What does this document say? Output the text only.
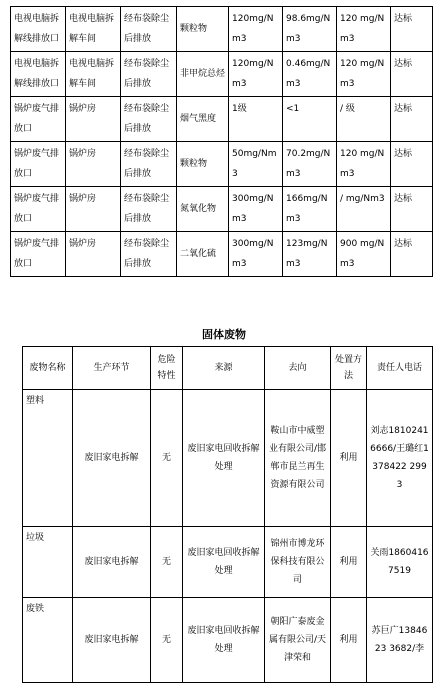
电视电脑拆解线排放口	电视电脑拆解车间	经布袋除尘后排放	颗粒物	120mg/Nm3	98.6mg/Nm3	120 mg/Nm3	达标
电视电脑拆解线排放口	电视电脑拆解车间	经布袋除尘后排放	非甲烷总烃	120mg/Nm3	0.46mg/Nm3	120 mg/Nm3	达标
锅炉废气排放口	锅炉房	经布袋除尘后排放	烟气黑度	1级	<1	/ 级	达标
锅炉废气排放口	锅炉房	经布袋除尘后排放	颗粒物	50mg/Nm3	70.2mg/Nm3	120 mg/Nm3	达标
锅炉废气排放口	锅炉房	经布袋除尘后排放	氮氧化物	300mg/Nm3	166mg/Nm3	/ mg/Nm3	达标
锅炉废气排放口	锅炉房	经布袋除尘后排放	二氧化硫	300mg/Nm3	123mg/Nm3	900 mg/Nm3	达标
固体废物
废物名称	生产环节	危险特性	来源	去向	处置方法	责任人电话
塑料	废旧家电拆解	无	废旧家电回收拆解处理	鞍山市中威塑业有限公司/邯郸市昆兰再生资源有限公司	利用	刘志1810241 6666/王璐红1378422 2993
垃圾	废旧家电拆解	无	废旧家电回收拆解处理	锦州市博龙环保科技有限公司	利用	关雨1860416 7519
废铁	废旧家电拆解	无	废旧家电回收拆解处理	朝阳广泰废金属有限公司/天津荣和	利用	苏巨广1384623 3682/李
